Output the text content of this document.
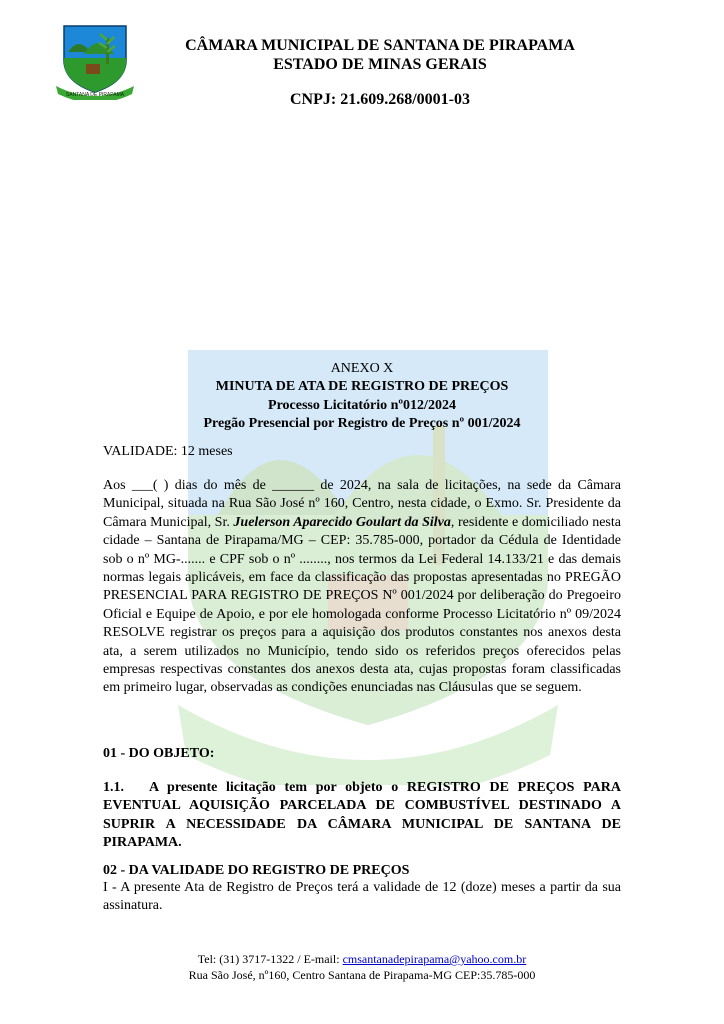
SANTANA DE PIRAPAMA
CÂMARA MUNICIPAL DE SANTANA DE PIRAPAMA
ESTADO DE MINAS GERAIS
CNPJ: 21.609.268/0001-03
ANEXO X
MINUTA DE ATA DE REGISTRO DE PREÇOS
Processo Licitatório nº012/2024
Pregão Presencial por Registro de Preços nº 001/2024
VALIDADE: 12 meses
Aos ___( ) dias do mês de ______ de 2024, na sala de licitações, na sede da Câmara Municipal, situada na Rua São José nº 160, Centro, nesta cidade, o Exmo. Sr. Presidente da Câmara Municipal, Sr. Juelerson Aparecido Goulart da Silva, residente e domiciliado nesta cidade – Santana de Pirapama/MG – CEP: 35.785-000, portador da Cédula de Identidade sob o nº MG-....... e CPF sob o nº ........, nos termos da Lei Federal 14.133/21 e das demais normas legais aplicáveis, em face da classificação das propostas apresentadas no PREGÃO PRESENCIAL PARA REGISTRO DE PREÇOS Nº 001/2024 por deliberação do Pregoeiro Oficial e Equipe de Apoio, e por ele homologada conforme Processo Licitatório nº 09/2024 RESOLVE registrar os preços para a aquisição dos produtos constantes nos anexos desta ata, a serem utilizados no Município, tendo sido os referidos preços oferecidos pelas empresas respectivas constantes dos anexos desta ata, cujas propostas foram classificadas em primeiro lugar, observadas as condições enunciadas nas Cláusulas que se seguem.
01 - DO OBJETO:
1.1. A presente licitação tem por objeto o REGISTRO DE PREÇOS PARA EVENTUAL AQUISIÇÃO PARCELADA DE COMBUSTÍVEL DESTINADO A SUPRIR A NECESSIDADE DA CÂMARA MUNICIPAL DE SANTANA DE PIRAPAMA.
02 - DA VALIDADE DO REGISTRO DE PREÇOS
I - A presente Ata de Registro de Preços terá a validade de 12 (doze) meses a partir da sua assinatura.
Tel: (31) 3717-1322 / E-mail: cmsantanadepirapama@yahoo.com.br
Rua São José, nº160, Centro Santana de Pirapama-MG CEP:35.785-000
